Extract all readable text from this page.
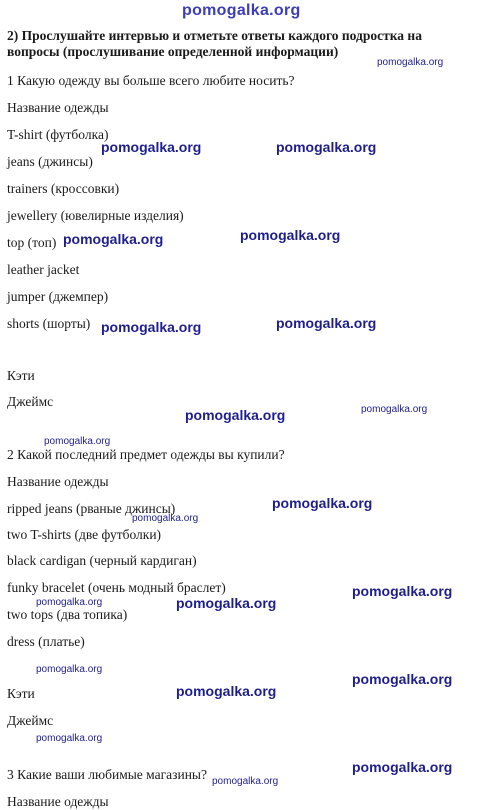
pomogalka.org
2) Прослушайте интервью и отметьте ответы каждого подростка на вопросы (прослушивание определенной информации)
1 Какую одежду вы больше всего любите носить?
Название одежды
T-shirt (футболка)
jeans (джинсы)
trainers (кроссовки)
jewellery (ювелирные изделия)
top (топ)
leather jacket
jumper (джемпер)
shorts (шорты)
Кэти
Джеймс
2 Какой последний предмет одежды вы купили?
Название одежды
ripped jeans (рваные джинсы)
two T-shirts (две футболки)
black cardigan (черный кардиган)
funky bracelet (очень модный браслет)
two tops (два топика)
dress (платье)
Кэти
Джеймс
3 Какие ваши любимые магазины?
Название одежды
pomogalka.org
pomogalka.org	pomogalka.org
pomogalka.org	pomogalka.org
pomogalka.org	pomogalka.org
pomogalka.org	pomogalka.org
pomogalka.org
pomogalka.org
pomogalka.org
pomogalka.org
pomogalka.org	pomogalka.org
pomogalka.org
pomogalka.org
pomogalka.org
pomogalka.org
pomogalka.org
pomogalka.org
